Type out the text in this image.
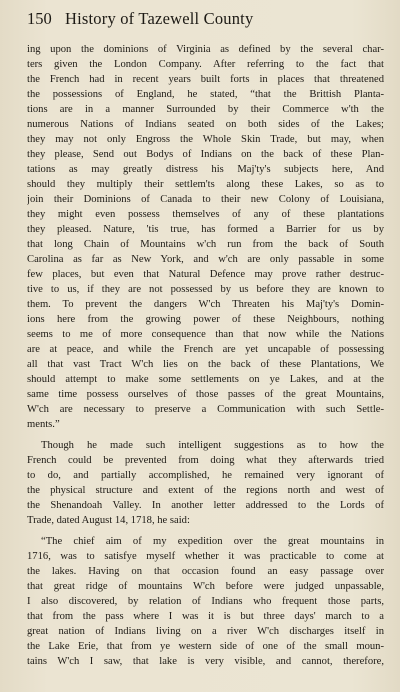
150 History of Tazewell County

ing upon the dominions of Virginia as defined by the several char-
ters given the London Company. After referring to the fact that
the French had in recent years built forts in places that threatened
the possessions of England, he stated, “that the Brittish Planta-
tions are in a manner Surrounded by their Commerce w'th the
numerous Nations of Indians seated on both sides of the Lakes;
they may not only Engross the Whole Skin Trade, but may, when
they please, Send out Bodys of Indians on the back of these Plan-
tations as may greatly distress his Maj'ty's subjects here, And
should they multiply their settlem'ts along these Lakes, so as to
join their Dominions of Canada to their new Colony of Louisiana,
they might even possess themselves of any of these plantations
they pleased. Nature, 'tis true, has formed a Barrier for us by
that long Chain of Mountains w'ch run from the back of South
Carolina as far as New York, and w'ch are only passable in some
few places, but even that Natural Defence may prove rather destruc-
tive to us, if they are not possessed by us before they are known to
them. To prevent the dangers W'ch Threaten his Maj'ty's Domin-
ions here from the growing power of these Neighbours, nothing
seems to me of more consequence than that now while the Nations
are at peace, and while the French are yet uncapable of possessing
all that vast Tract W'ch lies on the back of these Plantations, We
should attempt to make some settlements on ye Lakes, and at the
same time possess ourselves of those passes of the great Mountains,
W'ch are necessary to preserve a Communication with such Settle-
ments.”

Though he made such intelligent suggestions as to how the
French could be prevented from doing what they afterwards tried
to do, and partially accomplished, he remained very ignorant of
the physical structure and extent of the regions north and west of
the Shenandoah Valley. In another letter addressed to the Lords of
Trade, dated August 14, 1718, he said:

“The chief aim of my expedition over the great mountains in
1716, was to satisfye myself whether it was practicable to come at
the lakes. Having on that occasion found an easy passage over
that great ridge of mountains W'ch before were judged unpassable,
I also discovered, by relation of Indians who frequent those parts,
that from the pass where I was it is but three days' march to a
great nation of Indians living on a river W'ch discharges itself in
the Lake Erie, that from ye western side of one of the small moun-
tains W'ch I saw, that lake is very visible, and cannot, therefore,
